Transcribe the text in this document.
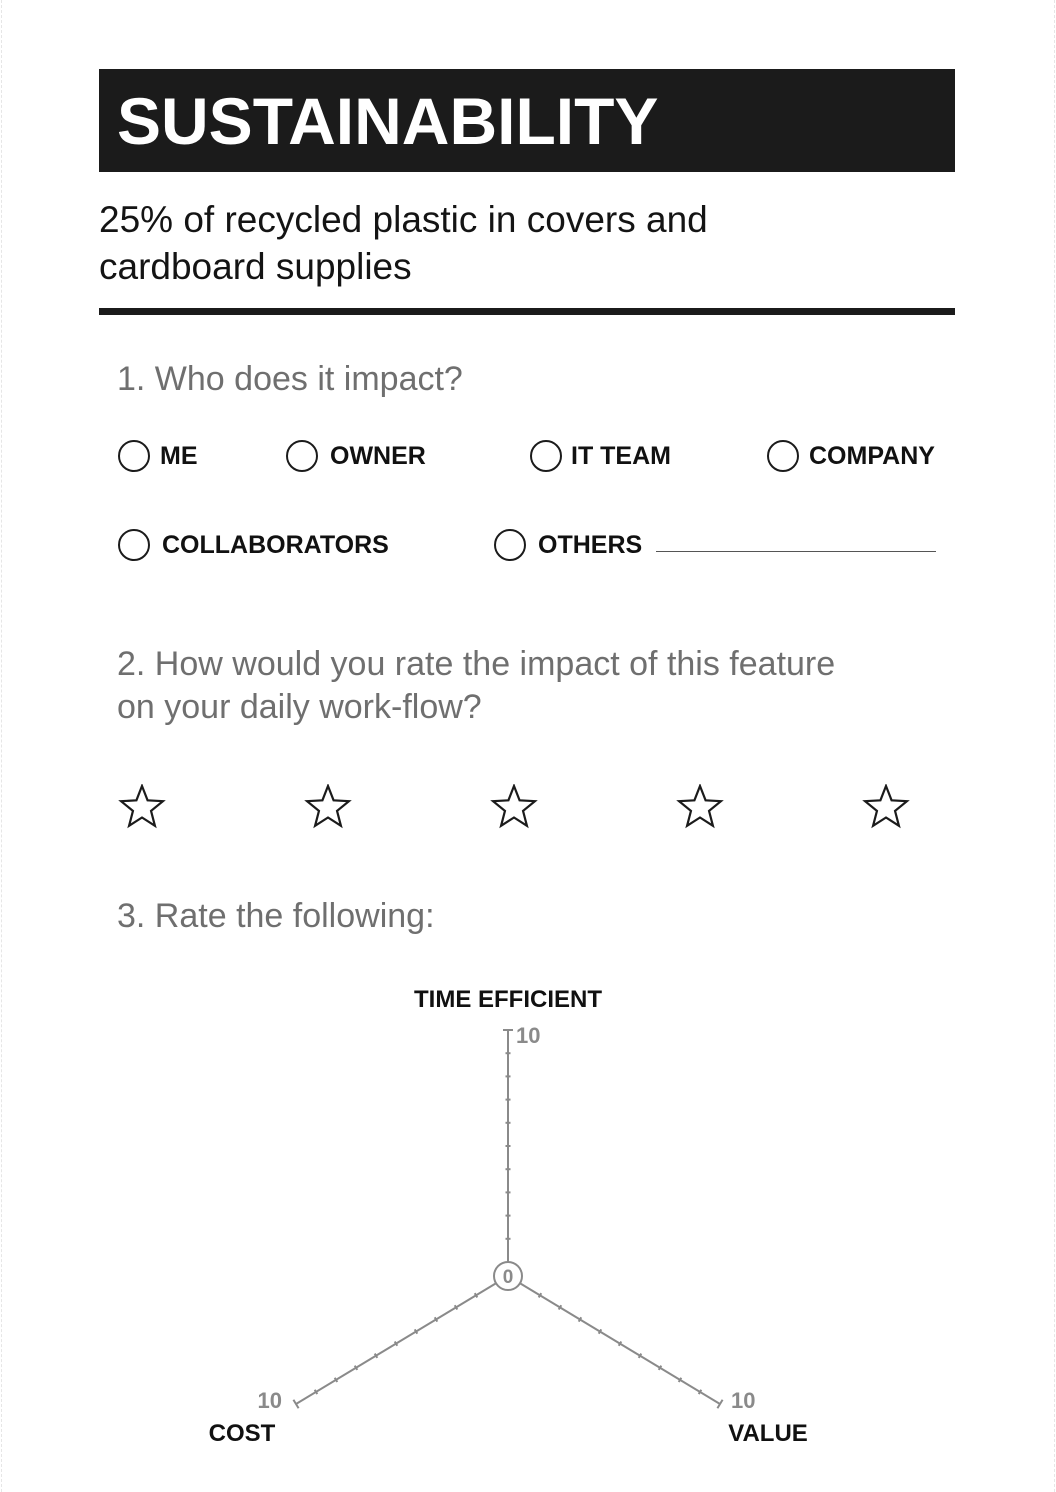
SUSTAINABILITY
25% of recycled plastic in covers and
cardboard supplies
1. Who does it impact?
ME	OWNER	IT TEAM	COMPANY
COLLABORATORS	OTHERS
2. How would you rate the impact of this feature
on your daily work-flow?
3. Rate the following:
0
TIME EFFICIENT
10
10
COST
10
VALUE
